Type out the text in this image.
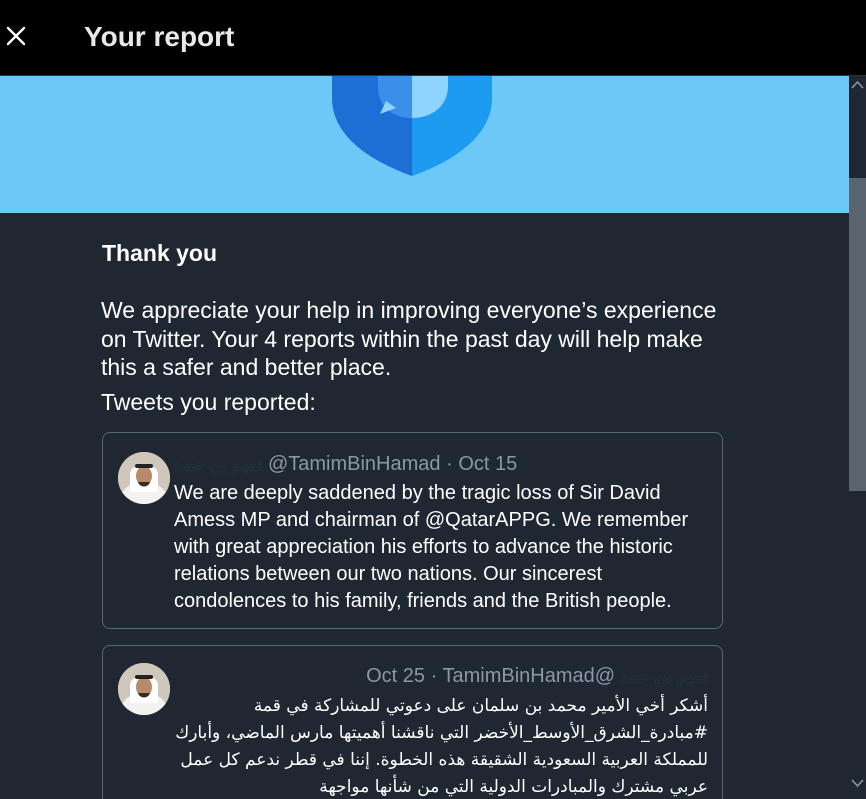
Your report
Thank you
We appreciate your help in improving everyone’s experience on Twitter. Your 4 reports within the past day will help make this a safer and better place.
Tweets you reported:
تميم بن حمد @TamimBinHamad · Oct 15
We are deeply saddened by the tragic loss of Sir David Amess MP and chairman of @QatarAPPG. We remember with great appreciation his efforts to advance the historic relations between our two nations. Our sincerest condolences to his family, friends and the British people.
Oct 25 · TamimBinHamad@ تميم بن حمد
أشكر أخي الأمير محمد بن سلمان على دعوتي للمشاركة في قمة #مبادرة_الشرق_الأوسط_الأخضر التي ناقشنا أهميتها مارس الماضي، وأبارك للمملكة العربية السعودية الشقيقة هذه الخطوة. إننا في قطر ندعم كل عمل عربي مشترك والمبادرات الدولية التي من شأنها مواجهة
